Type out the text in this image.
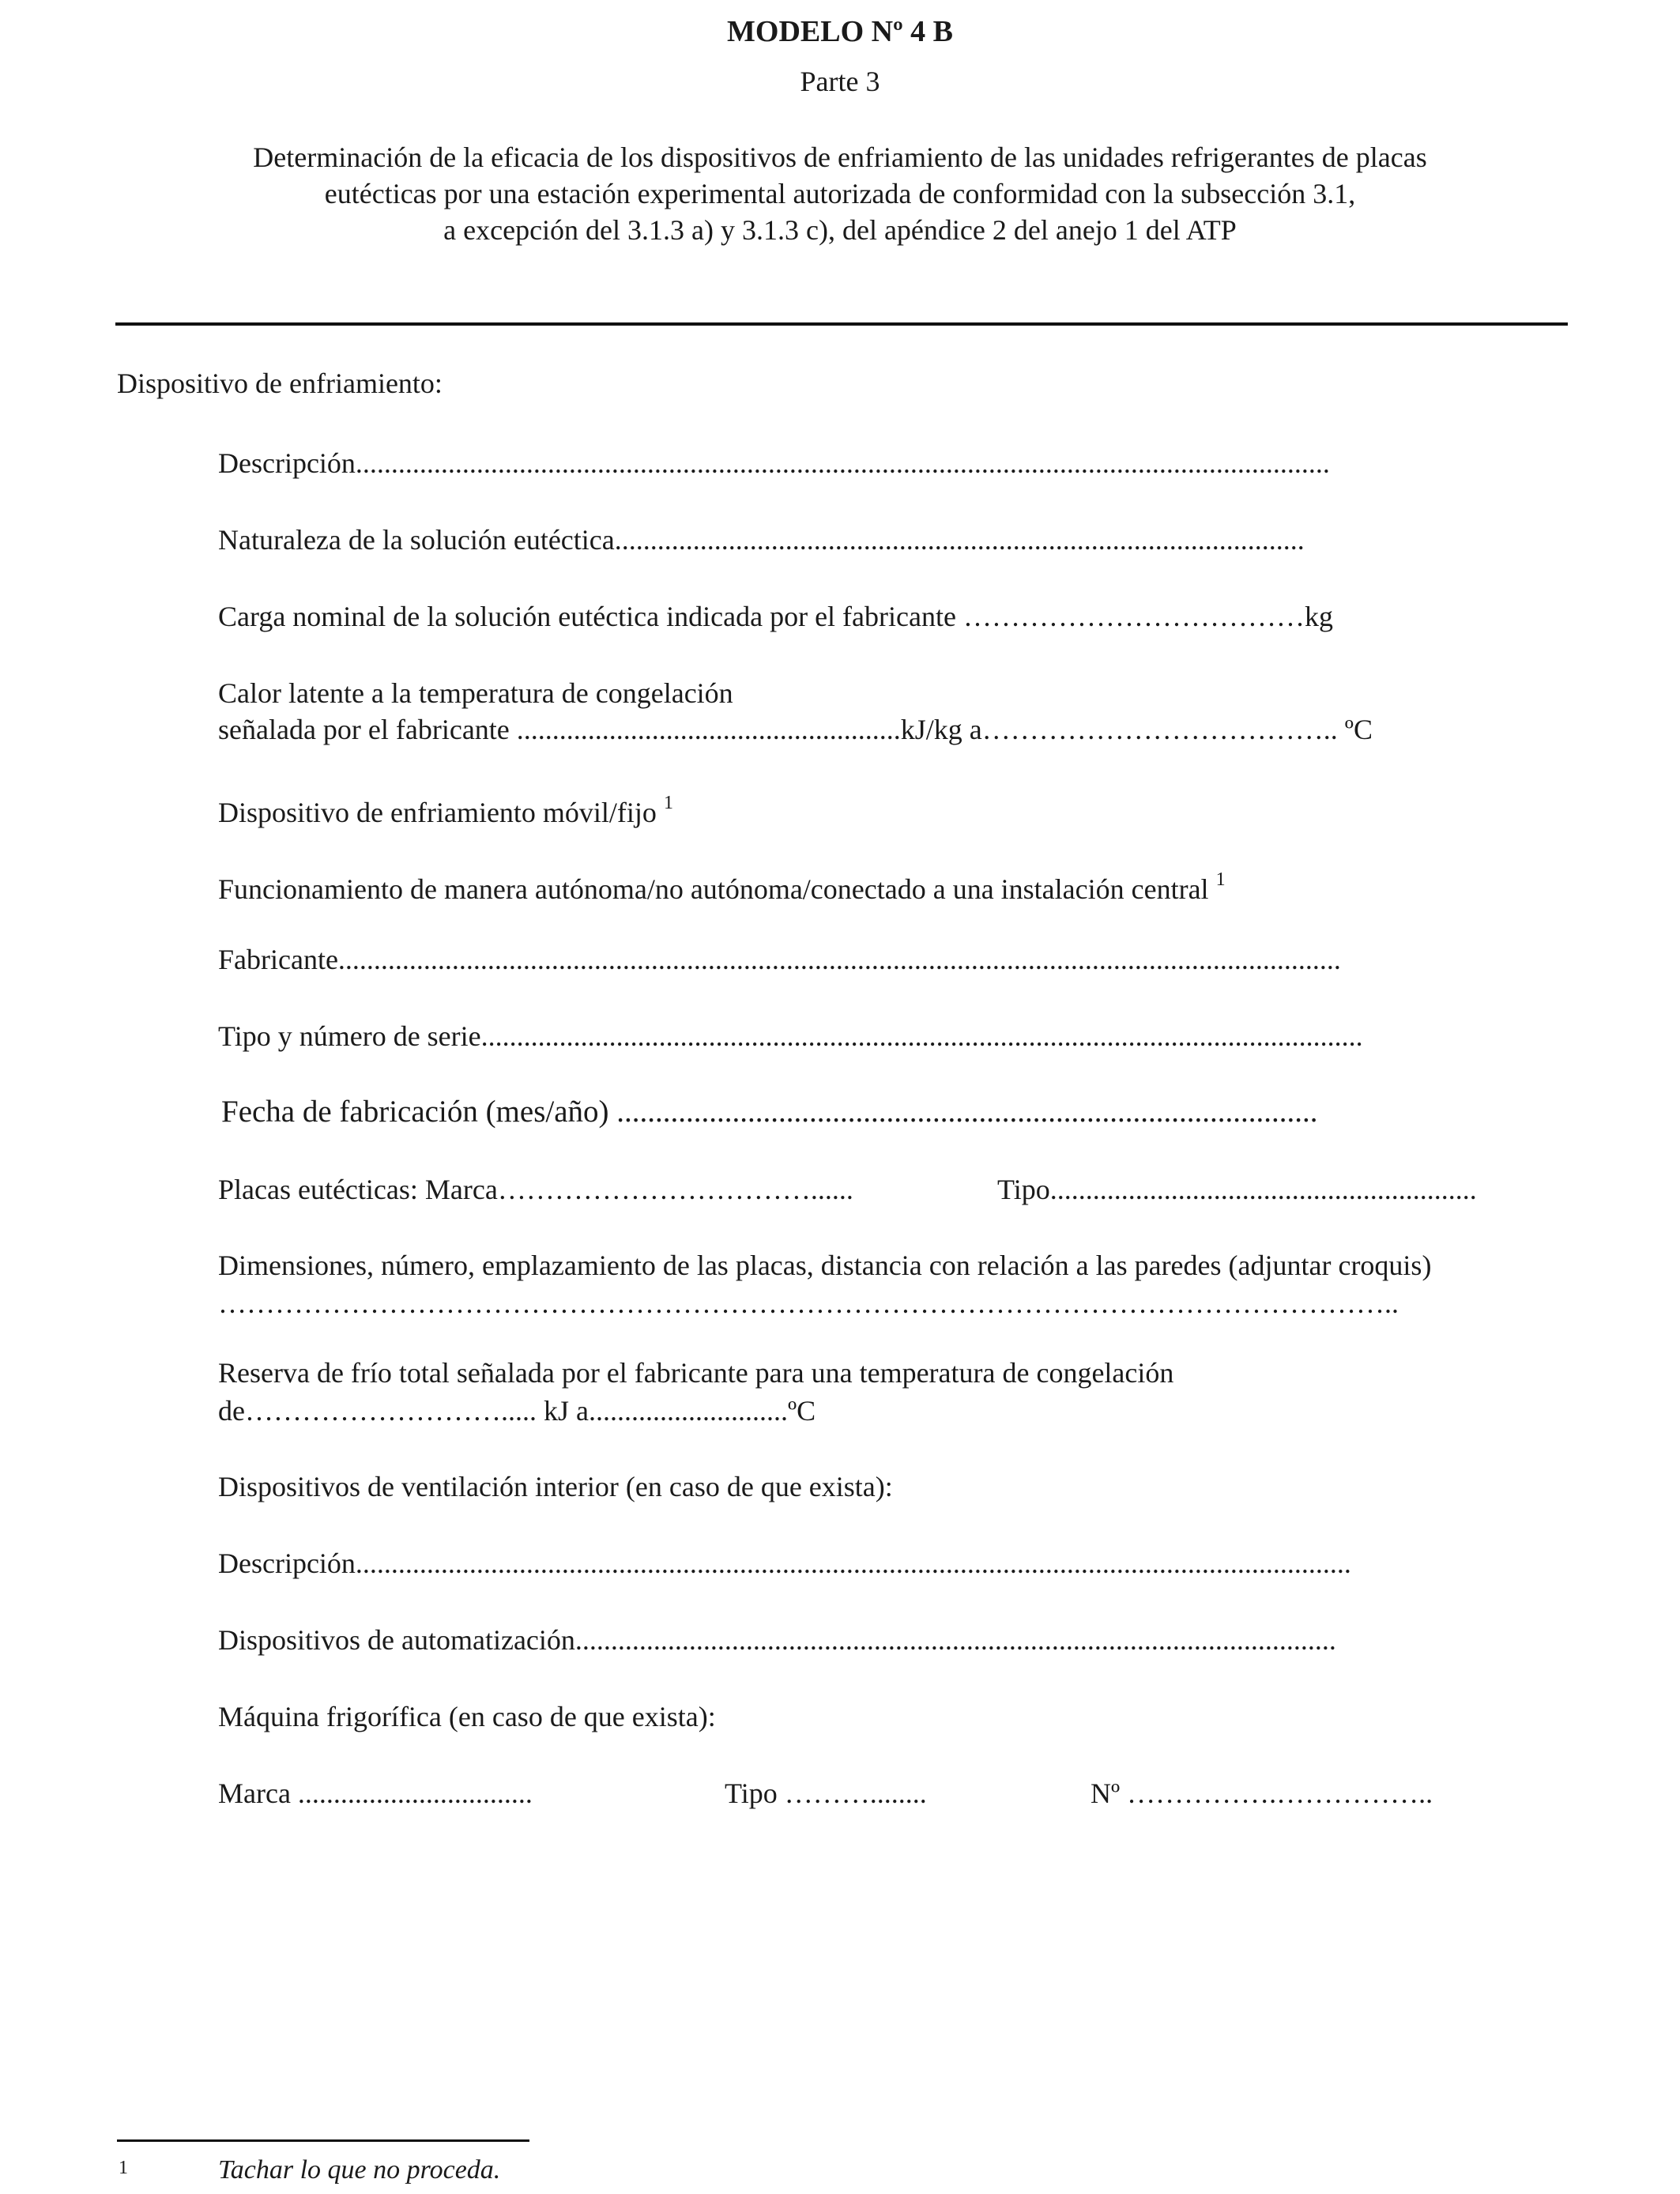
MODELO Nº 4 B
Parte 3
Determinación de la eficacia de los dispositivos de enfriamiento de las unidades refrigerantes de placas
eutécticas por una estación experimental autorizada de conformidad con la subsección 3.1,
a excepción del 3.1.3 a) y 3.1.3 c), del apéndice 2 del anejo 1 del ATP
Dispositivo de enfriamiento:
Descripción.........................................................................................................................................
Naturaleza de la solución eutéctica.................................................................................................
Carga nominal de la solución eutéctica indicada por el fabricante ………………………………kg
Calor latente a la temperatura de congelación
señalada por el fabricante ......................................................kJ/kg a……………………………….. ºC
Dispositivo de enfriamiento móvil/fijo $^1$
Funcionamiento de manera autónoma/no autónoma/conectado a una instalación central $^1$
Fabricante.............................................................................................................................................
Tipo y número de serie............................................................................................................................
Fecha de fabricación (mes/año) ...........................................................................................
Placas eutécticas: Marca……………………………......	Tipo............................................................
Dimensiones, número, emplazamiento de las placas, distancia con relación a las paredes (adjuntar croquis)
……………………………………………………………………………………………………………..
Reserva de frío total señalada por el fabricante para una temperatura de congelación
de………………………..... kJ a............................ºC
Dispositivos de ventilación interior (en caso de que exista):
Descripción............................................................................................................................................
Dispositivos de automatización...........................................................................................................
Máquina frigorífica (en caso de que exista):
Marca .................................	Tipo ………........	Nº …………….……………..
1	Tachar lo que no proceda.
